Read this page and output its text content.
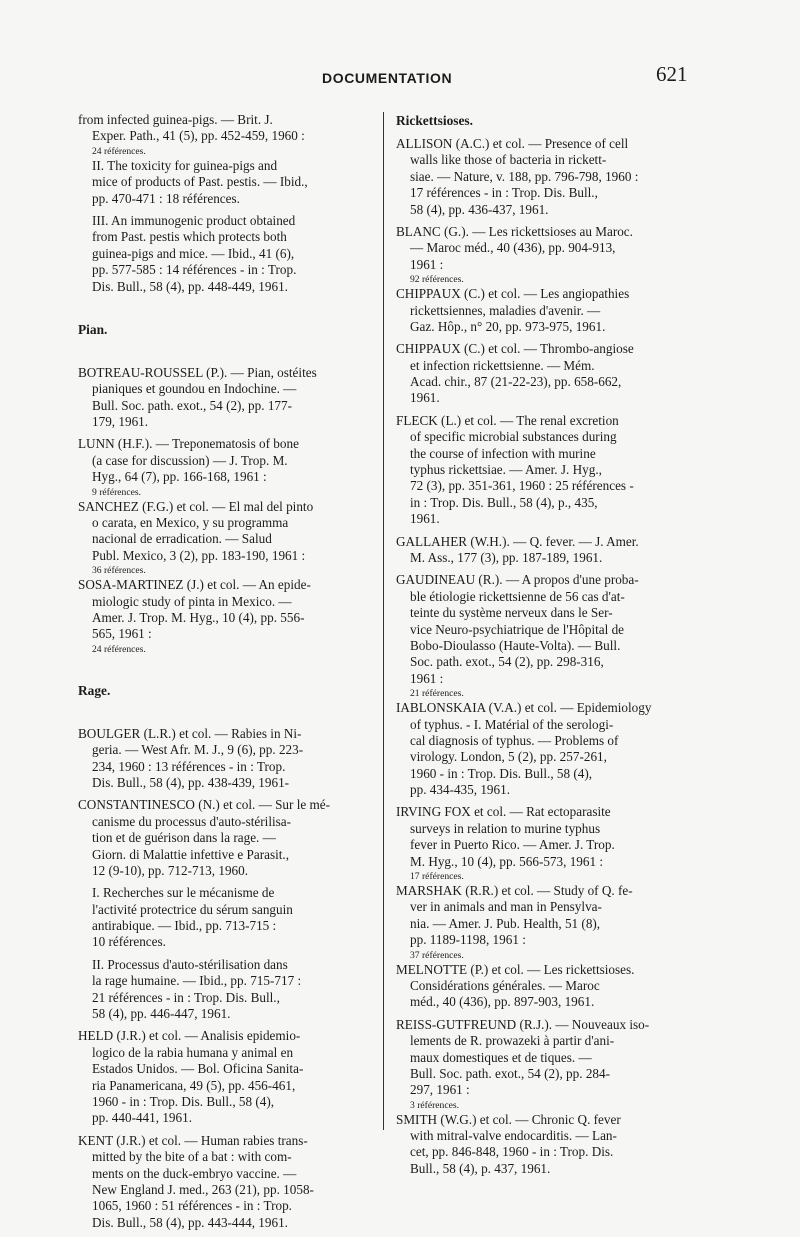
DOCUMENTATION	621
from infected guinea-pigs. — Brit. J.
Exper. Path., 41 (5), pp. 452-459, 1960 :
24 références.
II. The toxicity for guinea-pigs and
mice of products of Past. pestis. — Ibid.,
pp. 470-471 : 18 références.
III. An immunogenic product obtained
from Past. pestis which protects both
guinea-pigs and mice. — Ibid., 41 (6),
pp. 577-585 : 14 références - in : Trop.
Dis. Bull., 58 (4), pp. 448-449, 1961.
Pian.
BOTREAU-ROUSSEL (P.). — Pian, ostéites
pianiques et goundou en Indochine. —
Bull. Soc. path. exot., 54 (2), pp. 177-
179, 1961.
LUNN (H.F.). — Treponematosis of bone
(a case for discussion) — J. Trop. M.
Hyg., 64 (7), pp. 166-168, 1961 :
9 références.
SANCHEZ (F.G.) et col. — El mal del pinto
o carata, en Mexico, y su programma
nacional de erradication. — Salud
Publ. Mexico, 3 (2), pp. 183-190, 1961 :
36 références.
SOSA-MARTINEZ (J.) et col. — An epide-
miologic study of pinta in Mexico. —
Amer. J. Trop. M. Hyg., 10 (4), pp. 556-
565, 1961 :
24 références.
Rage.
BOULGER (L.R.) et col. — Rabies in Ni-
geria. — West Afr. M. J., 9 (6), pp. 223-
234, 1960 : 13 références - in : Trop.
Dis. Bull., 58 (4), pp. 438-439, 1961-
CONSTANTINESCO (N.) et col. — Sur le mé-
canisme du processus d'auto-stérilisa-
tion et de guérison dans la rage. —
Giorn. di Malattie infettive e Parasit.,
12 (9-10), pp. 712-713, 1960.
I. Recherches sur le mécanisme de
l'activité protectrice du sérum sanguin
antirabique. — Ibid., pp. 713-715 :
10 références.
II. Processus d'auto-stérilisation dans
la rage humaine. — Ibid., pp. 715-717 :
21 références - in : Trop. Dis. Bull.,
58 (4), pp. 446-447, 1961.
HELD (J.R.) et col. — Analisis epidemio-
logico de la rabia humana y animal en
Estados Unidos. — Bol. Oficina Sanita-
ria Panamericana, 49 (5), pp. 456-461,
1960 - in : Trop. Dis. Bull., 58 (4),
pp. 440-441, 1961.
KENT (J.R.) et col. — Human rabies trans-
mitted by the bite of a bat : with com-
ments on the duck-embryo vaccine. —
New England J. med., 263 (21), pp. 1058-
1065, 1960 : 51 références - in : Trop.
Dis. Bull., 58 (4), pp. 443-444, 1961.
Rickettsioses.
ALLISON (A.C.) et col. — Presence of cell
walls like those of bacteria in rickett-
siae. — Nature, v. 188, pp. 796-798, 1960 :
17 références - in : Trop. Dis. Bull.,
58 (4), pp. 436-437, 1961.
BLANC (G.). — Les rickettsioses au Maroc.
— Maroc méd., 40 (436), pp. 904-913,
1961 :
92 références.
CHIPPAUX (C.) et col. — Les angiopathies
rickettsiennes, maladies d'avenir. —
Gaz. Hôp., n° 20, pp. 973-975, 1961.
CHIPPAUX (C.) et col. — Thrombo-angiose
et infection rickettsienne. — Mém.
Acad. chir., 87 (21-22-23), pp. 658-662,
1961.
FLECK (L.) et col. — The renal excretion
of specific microbial substances during
the course of infection with murine
typhus rickettsiae. — Amer. J. Hyg.,
72 (3), pp. 351-361, 1960 : 25 références -
in : Trop. Dis. Bull., 58 (4), p., 435,
1961.
GALLAHER (W.H.). — Q. fever. — J. Amer.
M. Ass., 177 (3), pp. 187-189, 1961.
GAUDINEAU (R.). — A propos d'une proba-
ble étiologie rickettsienne de 56 cas d'at-
teinte du système nerveux dans le Ser-
vice Neuro-psychiatrique de l'Hôpital de
Bobo-Dioulasso (Haute-Volta). — Bull.
Soc. path. exot., 54 (2), pp. 298-316,
1961 :
21 références.
IABLONSKAIA (V.A.) et col. — Epidemiology
of typhus. - I. Matérial of the serologi-
cal diagnosis of typhus. — Problems of
virology. London, 5 (2), pp. 257-261,
1960 - in : Trop. Dis. Bull., 58 (4),
pp. 434-435, 1961.
IRVING FOX et col. — Rat ectoparasite
surveys in relation to murine typhus
fever in Puerto Rico. — Amer. J. Trop.
M. Hyg., 10 (4), pp. 566-573, 1961 :
17 références.
MARSHAK (R.R.) et col. — Study of Q. fe-
ver in animals and man in Pensylva-
nia. — Amer. J. Pub. Health, 51 (8),
pp. 1189-1198, 1961 :
37 références.
MELNOTTE (P.) et col. — Les rickettsioses.
Considérations générales. — Maroc
méd., 40 (436), pp. 897-903, 1961.
REISS-GUTFREUND (R.J.). — Nouveaux iso-
lements de R. prowazeki à partir d'ani-
maux domestiques et de tiques. —
Bull. Soc. path. exot., 54 (2), pp. 284-
297, 1961 :
3 références.
SMITH (W.G.) et col. — Chronic Q. fever
with mitral-valve endocarditis. — Lan-
cet, pp. 846-848, 1960 - in : Trop. Dis.
Bull., 58 (4), p. 437, 1961.
